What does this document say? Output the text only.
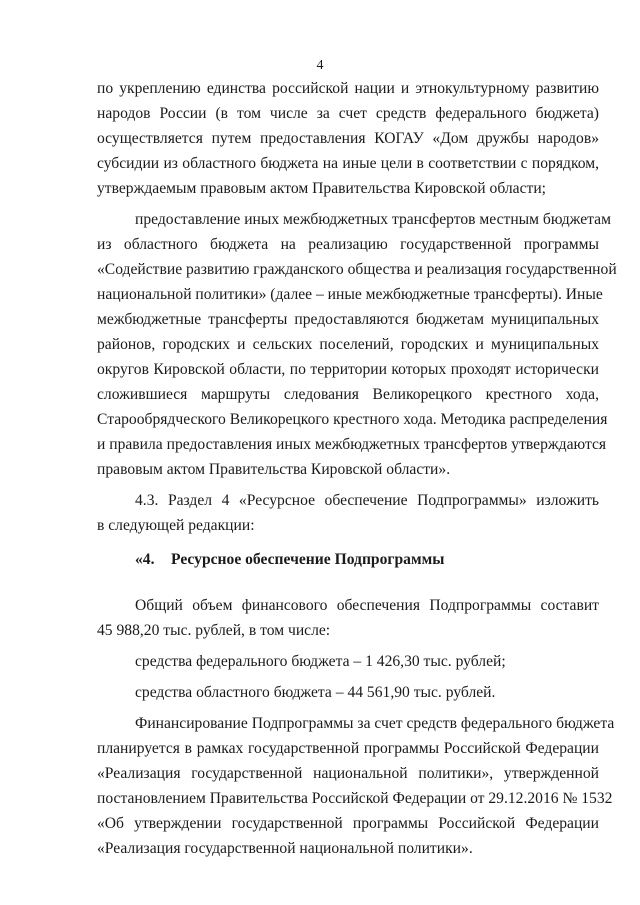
4
по укреплению единства российской нации и этнокультурному развитию
народов России (в том числе за счет средств федерального бюджета)
осуществляется путем предоставления КОГАУ «Дом дружбы народов»
субсидии из областного бюджета на иные цели в соответствии с порядком,
утверждаемым правовым актом Правительства Кировской области;
предоставление иных межбюджетных трансфертов местным бюджетам
из областного бюджета на реализацию государственной программы
«Содействие развитию гражданского общества и реализация государственной
национальной политики» (далее – иные межбюджетные трансферты). Иные
межбюджетные трансферты предоставляются бюджетам муниципальных
районов, городских и сельских поселений, городских и муниципальных
округов Кировской области, по территории которых проходят исторически
сложившиеся маршруты следования Великорецкого крестного хода,
Старообрядческого Великорецкого крестного хода. Методика распределения
и правила предоставления иных межбюджетных трансфертов утверждаются
правовым актом Правительства Кировской области».
4.3. Раздел 4 «Ресурсное обеспечение Подпрограммы» изложить
в следующей редакции:
«4. Ресурсное обеспечение Подпрограммы
Общий объем финансового обеспечения Подпрограммы составит
45 988,20 тыс. рублей, в том числе:
средства федерального бюджета – 1 426,30 тыс. рублей;
средства областного бюджета – 44 561,90 тыс. рублей.
Финансирование Подпрограммы за счет средств федерального бюджета
планируется в рамках государственной программы Российской Федерации
«Реализация государственной национальной политики», утвержденной
постановлением Правительства Российской Федерации от 29.12.2016 № 1532
«Об утверждении государственной программы Российской Федерации
«Реализация государственной национальной политики».
